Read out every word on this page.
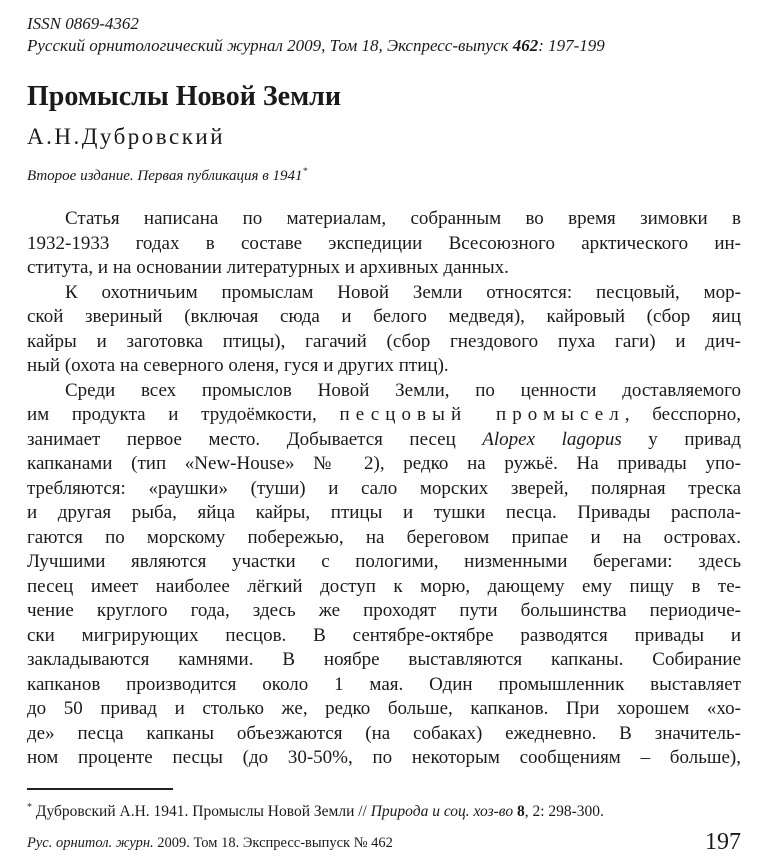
ISSN 0869-4362
Русский орнитологический журнал 2009, Том 18, Экспресс-выпуск 462: 197-199
Промыслы Новой Земли
А.Н.Дубровский
Второе издание. Первая публикация в 1941*
Статья написана по материалам, собранным во время зимовки в
1932-1933 годах в составе экспедиции Всесоюзного арктического ин-
ститута, и на основании литературных и архивных данных.
К охотничьим промыслам Новой Земли относятся: песцовый, мор-
ской звериный (включая сюда и белого медведя), кайровый (сбор яиц
кайры и заготовка птицы), гагачий (сбор гнездового пуха гаги) и дич-
ный (охота на северного оленя, гуся и других птиц).
Среди всех промыслов Новой Земли, по ценности доставляемого
им продукта и трудоёмкости, песцовый промысел, бесспорно,
занимает первое место. Добывается песец Alopex lagopus у привад
капканами (тип «New-House» № 2), редко на ружьё. На привады упо-
требляются: «раушки» (туши) и сало морских зверей, полярная треска
и другая рыба, яйца кайры, птицы и тушки песца. Привады распола-
гаются по морскому побережью, на береговом припае и на островах.
Лучшими являются участки с пологими, низменными берегами: здесь
песец имеет наиболее лёгкий доступ к морю, дающему ему пищу в те-
чение круглого года, здесь же проходят пути большинства периодиче-
ски мигрирующих песцов. В сентябре-октябре разводятся привады и
закладываются камнями. В ноябре выставляются капканы. Собирание
капканов производится около 1 мая. Один промышленник выставляет
до 50 привад и столько же, редко больше, капканов. При хорошем «хо-
де» песца капканы объезжаются (на собаках) ежедневно. В значитель-
ном проценте песцы (до 30-50%, по некоторым сообщениям – больше),
* Дубровский А.Н. 1941. Промыслы Новой Земли // Природа и соц. хоз-во 8, 2: 298-300.
Рус. орнитол. журн. 2009. Том 18. Экспресс-выпуск № 462	197
